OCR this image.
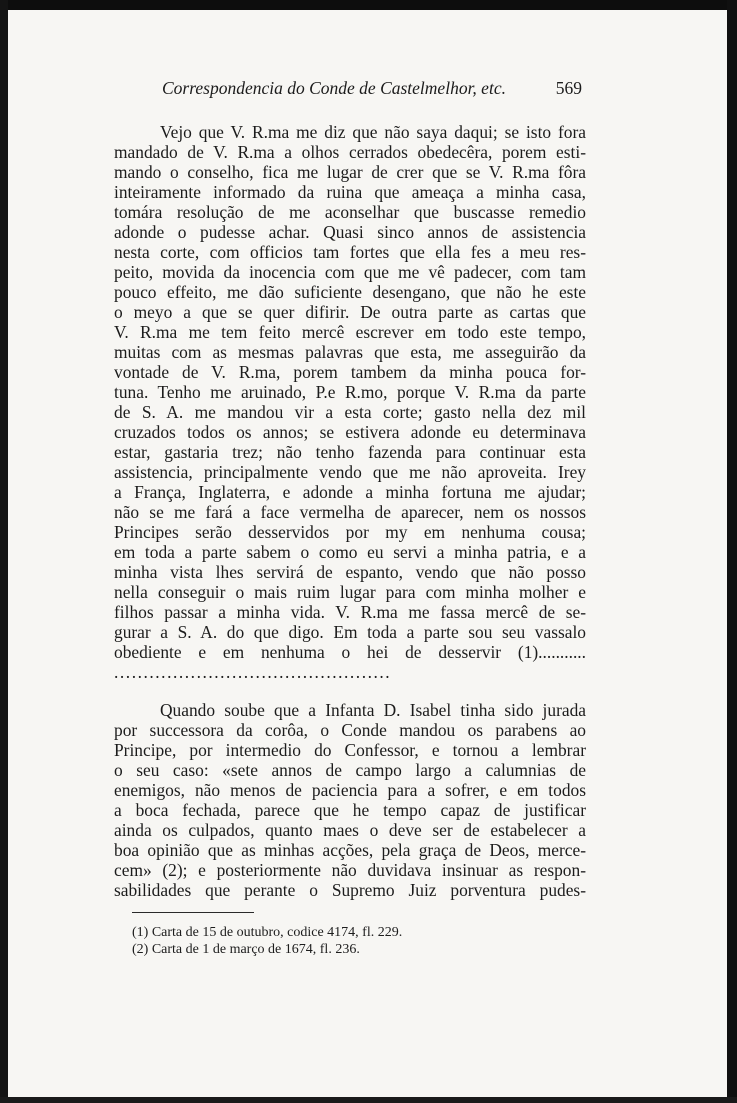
Correspondencia do Conde de Castelmelhor, etc.	569
Vejo que V. R.ma me diz que não saya daqui; se isto fora
mandado de V. R.ma a olhos cerrados obedecêra, porem esti-
mando o conselho, fica me lugar de crer que se V. R.ma fôra
inteiramente informado da ruina que ameaça a minha casa,
tomára resolução de me aconselhar que buscasse remedio
adonde o pudesse achar. Quasi sinco annos de assistencia
nesta corte, com officios tam fortes que ella fes a meu res-
peito, movida da inocencia com que me vê padecer, com tam
pouco effeito, me dão suficiente desengano, que não he este
o meyo a que se quer difirir. De outra parte as cartas que
V. R.ma me tem feito mercê escrever em todo este tempo,
muitas com as mesmas palavras que esta, me asseguirão da
vontade de V. R.ma, porem tambem da minha pouca for-
tuna. Tenho me aruinado, P.e R.mo, porque V. R.ma da parte
de S. A. me mandou vir a esta corte; gasto nella dez mil
cruzados todos os annos; se estivera adonde eu determinava
estar, gastaria trez; não tenho fazenda para continuar esta
assistencia, principalmente vendo que me não aproveita. Irey
a França, Inglaterra, e adonde a minha fortuna me ajudar;
não se me fará a face vermelha de aparecer, nem os nossos
Principes serão desservidos por my em nenhuma cousa;
em toda a parte sabem o como eu servi a minha patria, e a
minha vista lhes servirá de espanto, vendo que não posso
nella conseguir o mais ruim lugar para com minha molher e
filhos passar a minha vida. V. R.ma me fassa mercê de se-
gurar a S. A. do que digo. Em toda a parte sou seu vassalo
obediente e em nenhuma o hei de desservir (1)...........
Quando soube que a Infanta D. Isabel tinha sido jurada
por successora da corôa, o Conde mandou os parabens ao
Principe, por intermedio do Confessor, e tornou a lembrar
o seu caso: «sete annos de campo largo a calumnias de
enemigos, não menos de paciencia para a sofrer, e em todos
a boca fechada, parece que he tempo capaz de justificar
ainda os culpados, quanto maes o deve ser de estabelecer a
boa opinião que as minhas acções, pela graça de Deos, merce-
cem» (2); e posteriormente não duvidava insinuar as respon-
sabilidades que perante o Supremo Juiz porventura pudes-
...............................................
(1) Carta de 15 de outubro, codice 4174, fl. 229.
(2) Carta de 1 de março de 1674, fl. 236.
